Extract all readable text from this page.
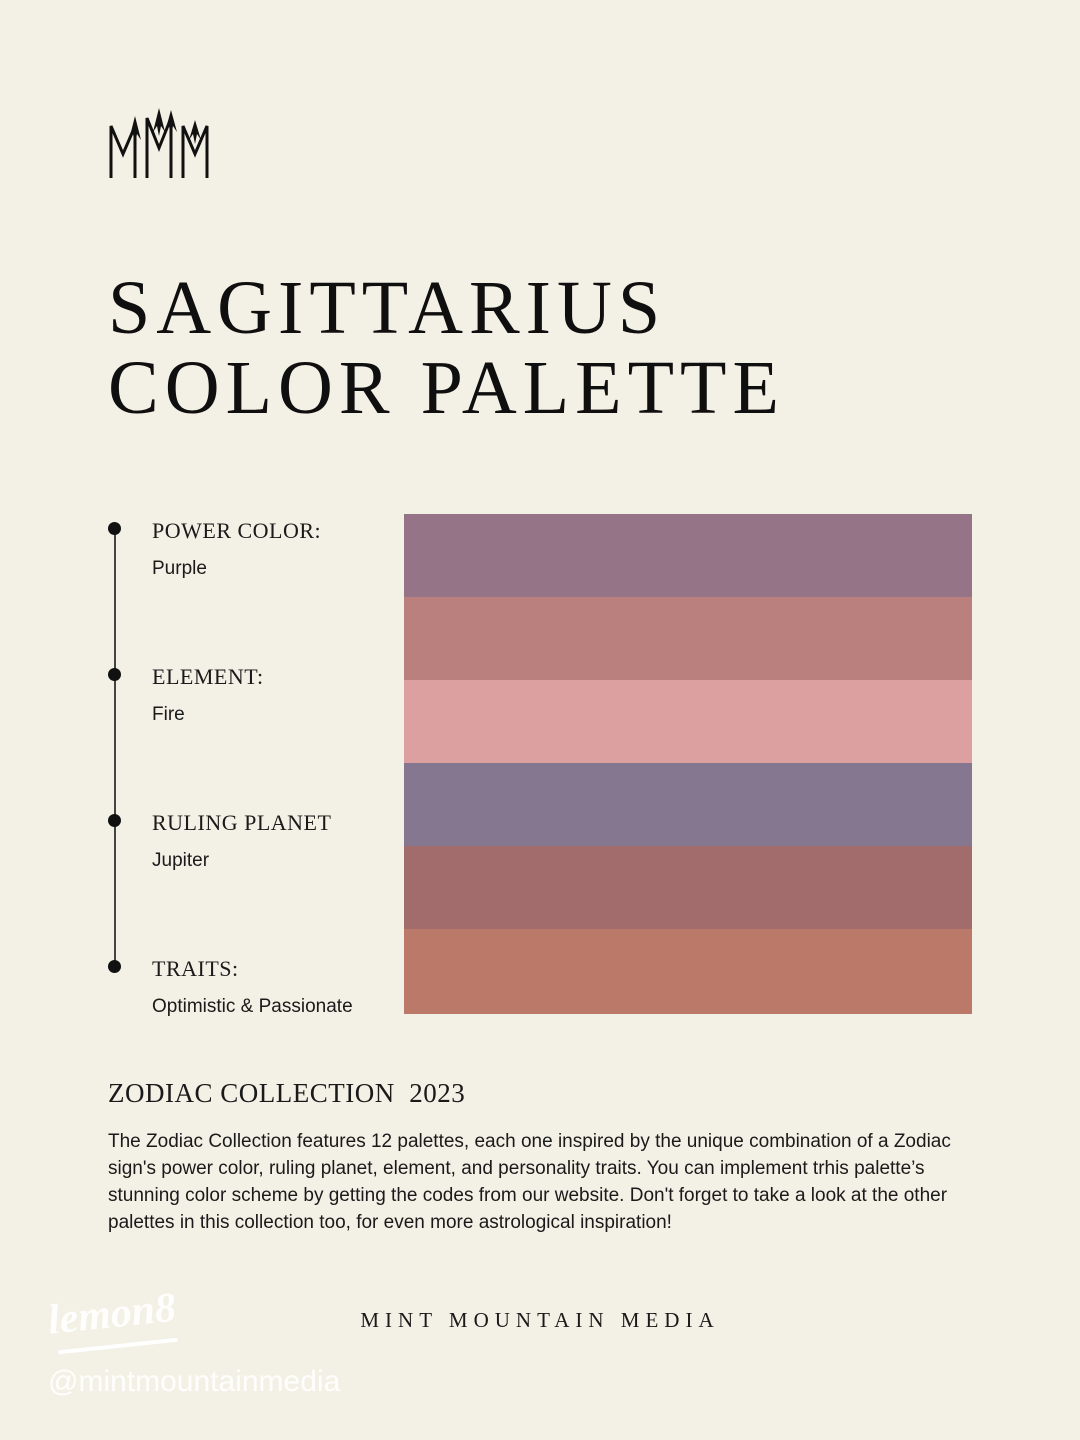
SAGITTARIUS
COLOR PALETTE
POWER COLOR:
Purple
ELEMENT:
Fire
RULING PLANET
Jupiter
TRAITS:
Optimistic & Passionate
ZODIAC COLLECTION  2023

The Zodiac Collection features 12 palettes, each one inspired by the unique combination of a Zodiac sign's power color, ruling planet, element, and personality traits. You can implement trhis palette’s stunning color scheme by getting the codes from our website. Don't forget to take a look at the other palettes in this collection too, for even more astrological inspiration!

MINT MOUNTAIN MEDIA
lemon8
@mintmountainmedia
